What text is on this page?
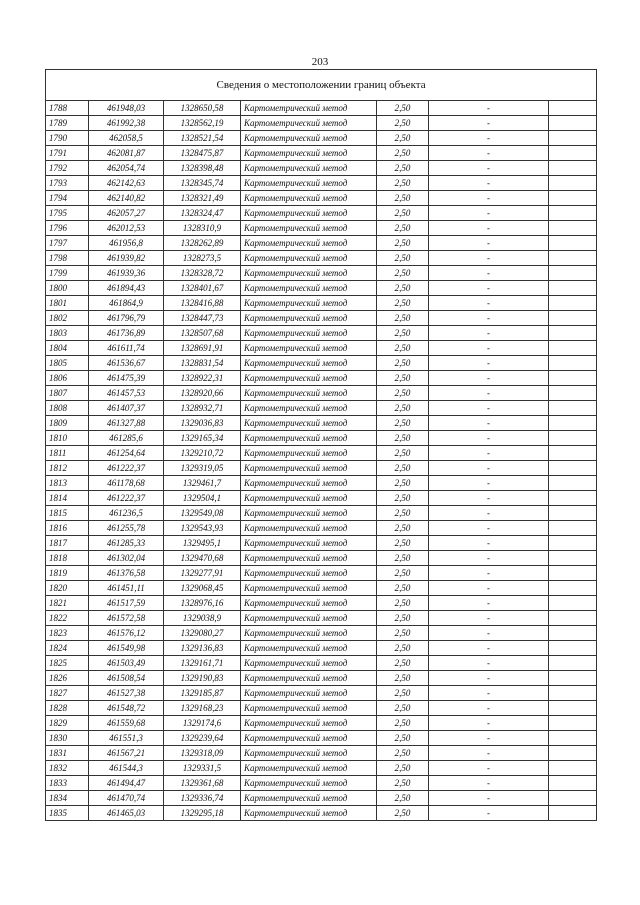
203
Сведения о местоположении границ объекта						
1788	461948,03	1328650,58	Картометрический метод	2,50	-	
1789	461992,38	1328562,19	Картометрический метод	2,50	-	
1790	462058,5	1328521,54	Картометрический метод	2,50	-	
1791	462081,87	1328475,87	Картометрический метод	2,50	-	
1792	462054,74	1328398,48	Картометрический метод	2,50	-	
1793	462142,63	1328345,74	Картометрический метод	2,50	-	
1794	462140,82	1328321,49	Картометрический метод	2,50	-	
1795	462057,27	1328324,47	Картометрический метод	2,50	-	
1796	462012,53	1328310,9	Картометрический метод	2,50	-	
1797	461956,8	1328262,89	Картометрический метод	2,50	-	
1798	461939,82	1328273,5	Картометрический метод	2,50	-	
1799	461939,36	1328328,72	Картометрический метод	2,50	-	
1800	461894,43	1328401,67	Картометрический метод	2,50	-	
1801	461864,9	1328416,88	Картометрический метод	2,50	-	
1802	461796,79	1328447,73	Картометрический метод	2,50	-	
1803	461736,89	1328507,68	Картометрический метод	2,50	-	
1804	461611,74	1328691,91	Картометрический метод	2,50	-	
1805	461536,67	1328831,54	Картометрический метод	2,50	-	
1806	461475,39	1328922,31	Картометрический метод	2,50	-	
1807	461457,53	1328920,66	Картометрический метод	2,50	-	
1808	461407,37	1328932,71	Картометрический метод	2,50	-	
1809	461327,88	1329036,83	Картометрический метод	2,50	-	
1810	461285,6	1329165,34	Картометрический метод	2,50	-	
1811	461254,64	1329210,72	Картометрический метод	2,50	-	
1812	461222,37	1329319,05	Картометрический метод	2,50	-	
1813	461178,68	1329461,7	Картометрический метод	2,50	-	
1814	461222,37	1329504,1	Картометрический метод	2,50	-	
1815	461236,5	1329549,08	Картометрический метод	2,50	-	
1816	461255,78	1329543,93	Картометрический метод	2,50	-	
1817	461285,33	1329495,1	Картометрический метод	2,50	-	
1818	461302,04	1329470,68	Картометрический метод	2,50	-	
1819	461376,58	1329277,91	Картометрический метод	2,50	-	
1820	461451,11	1329068,45	Картометрический метод	2,50	-	
1821	461517,59	1328976,16	Картометрический метод	2,50	-	
1822	461572,58	1329038,9	Картометрический метод	2,50	-	
1823	461576,12	1329080,27	Картометрический метод	2,50	-	
1824	461549,98	1329136,83	Картометрический метод	2,50	-	
1825	461503,49	1329161,71	Картометрический метод	2,50	-	
1826	461508,54	1329190,83	Картометрический метод	2,50	-	
1827	461527,38	1329185,87	Картометрический метод	2,50	-	
1828	461548,72	1329168,23	Картометрический метод	2,50	-	
1829	461559,68	1329174,6	Картометрический метод	2,50	-	
1830	461551,3	1329239,64	Картометрический метод	2,50	-	
1831	461567,21	1329318,09	Картометрический метод	2,50	-	
1832	461544,3	1329331,5	Картометрический метод	2,50	-	
1833	461494,47	1329361,68	Картометрический метод	2,50	-	
1834	461470,74	1329336,74	Картометрический метод	2,50	-	
1835	461465,03	1329295,18	Картометрический метод	2,50	-	
